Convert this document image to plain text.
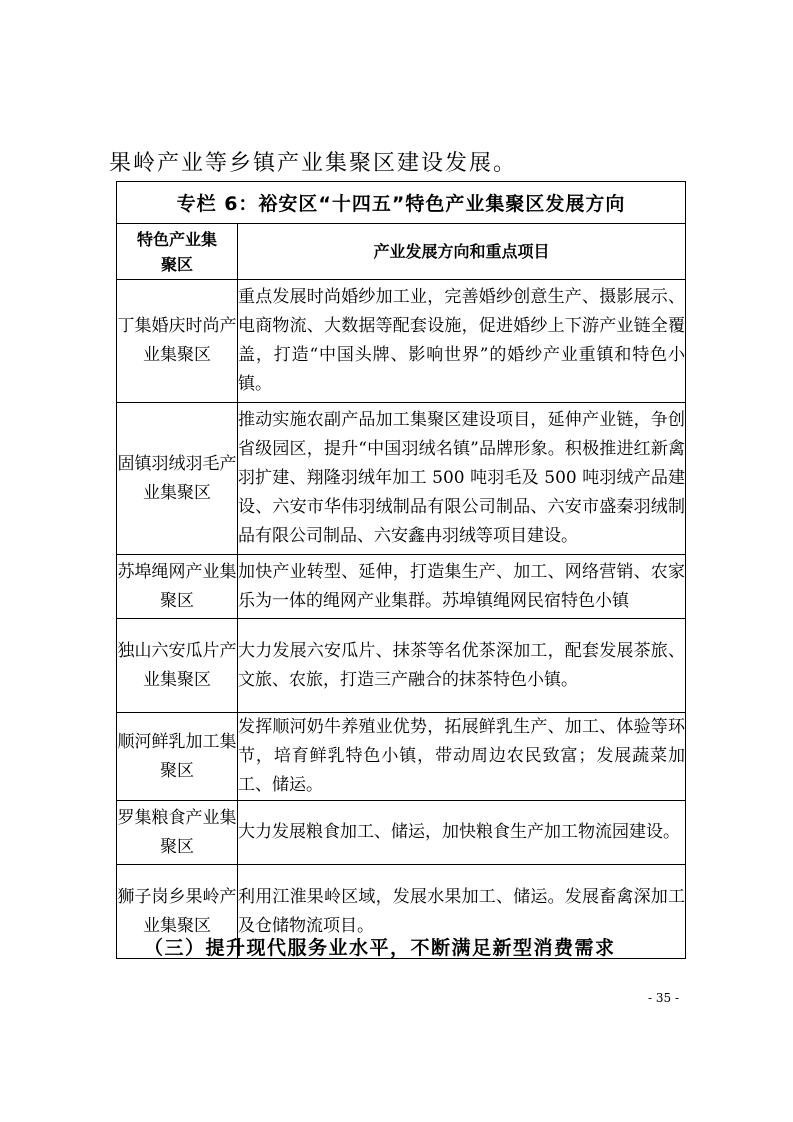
果岭产业等乡镇产业集聚区建设发展。
专栏 6：裕安区“十四五”特色产业集聚区发展方向	
特色产业集聚区	产业发展方向和重点项目
丁集婚庆时尚产业集聚区	重点发展时尚婚纱加工业，完善婚纱创意生产、摄影展示、电商物流、大数据等配套设施，促进婚纱上下游产业链全覆盖，打造“中国头牌、影响世界”的婚纱产业重镇和特色小镇。
固镇羽绒羽毛产业集聚区	推动实施农副产品加工集聚区建设项目，延伸产业链，争创省级园区，提升“中国羽绒名镇”品牌形象。积极推进红新禽羽扩建、翔隆羽绒年加工 500 吨羽毛及 500 吨羽绒产品建设、六安市华伟羽绒制品有限公司制品、六安市盛秦羽绒制品有限公司制品、六安鑫冉羽绒等项目建设。
苏埠绳网产业集聚区	加快产业转型、延伸，打造集生产、加工、网络营销、农家乐为一体的绳网产业集群。苏埠镇绳网民宿特色小镇
独山六安瓜片产业集聚区	大力发展六安瓜片、抹茶等名优茶深加工，配套发展茶旅、文旅、农旅，打造三产融合的抹茶特色小镇。
顺河鲜乳加工集聚区	发挥顺河奶牛养殖业优势，拓展鲜乳生产、加工、体验等环节，培育鲜乳特色小镇，带动周边农民致富；发展蔬菜加工、储运。
罗集粮食产业集聚区	大力发展粮食加工、储运，加快粮食生产加工物流园建设。
狮子岗乡果岭产业集聚区	利用江淮果岭区域，发展水果加工、储运。发展畜禽深加工及仓储物流项目。
（三）提升现代服务业水平，不断满足新型消费需求
- 35 -
